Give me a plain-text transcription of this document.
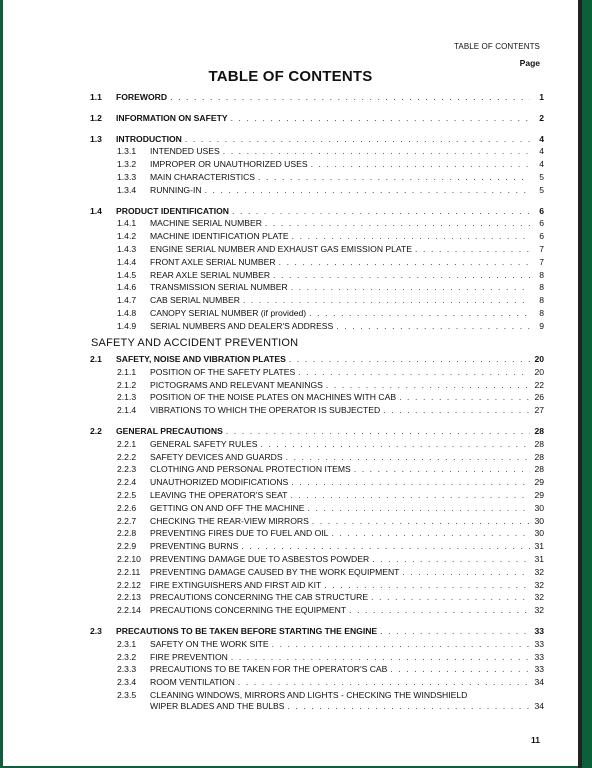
TABLE OF CONTENTS
Page
TABLE OF CONTENTS
1.1 FOREWORD . . .	1
1.2 INFORMATION ON SAFETY . . .	2
1.3 INTRODUCTION . . .	4
1.3.1 INTENDED USES . . .	4
1.3.2 IMPROPER OR UNAUTHORIZED USES . . .	4
1.3.3 MAIN CHARACTERISTICS . . .	5
1.3.4 RUNNING-IN . . .	5
1.4 PRODUCT IDENTIFICATION . . .	6
1.4.1 MACHINE SERIAL NUMBER . . .	6
1.4.2 MACHINE IDENTIFICATION PLATE . . .	6
1.4.3 ENGINE SERIAL NUMBER AND EXHAUST GAS EMISSION PLATE . . .	7
1.4.4 FRONT AXLE SERIAL NUMBER . . .	7
1.4.5 REAR AXLE SERIAL NUMBER . . .	8
1.4.6 TRANSMISSION SERIAL NUMBER . . .	8
1.4.7 CAB SERIAL NUMBER . . .	8
1.4.8 CANOPY SERIAL NUMBER (if provided) . . .	8
1.4.9 SERIAL NUMBERS AND DEALER'S ADDRESS . . .	9
SAFETY AND ACCIDENT PREVENTION
2.1 SAFETY, NOISE AND VIBRATION PLATES . . .	20
2.1.1 POSITION OF THE SAFETY PLATES . . .	20
2.1.2 PICTOGRAMS AND RELEVANT MEANINGS . . .	22
2.1.3 POSITION OF THE NOISE PLATES ON MACHINES WITH CAB . . .	26
2.1.4 VIBRATIONS TO WHICH THE OPERATOR IS SUBJECTED . . .	27
2.2 GENERAL PRECAUTIONS . . .	28
2.2.1 GENERAL SAFETY RULES . . .	28
2.2.2 SAFETY DEVICES AND GUARDS . . .	28
2.2.3 CLOTHING AND PERSONAL PROTECTION ITEMS . . .	28
2.2.4 UNAUTHORIZED MODIFICATIONS . . .	29
2.2.5 LEAVING THE OPERATOR'S SEAT . . .	29
2.2.6 GETTING ON AND OFF THE MACHINE . . .	30
2.2.7 CHECKING THE REAR-VIEW MIRRORS . . .	30
2.2.8 PREVENTING FIRES DUE TO FUEL AND OIL . . .	30
2.2.9 PREVENTING BURNS . . .	31
2.2.10 PREVENTING DAMAGE DUE TO ASBESTOS POWDER . . .	31
2.2.11 PREVENTING DAMAGE CAUSED BY THE WORK EQUIPMENT . . .	32
2.2.12 FIRE EXTINGUISHERS AND FIRST AID KIT . . .	32
2.2.13 PRECAUTIONS CONCERNING THE CAB STRUCTURE . . .	32
2.2.14 PRECAUTIONS CONCERNING THE EQUIPMENT . . .	32
2.3 PRECAUTIONS TO BE TAKEN BEFORE STARTING THE ENGINE . . .	33
2.3.1 SAFETY ON THE WORK SITE . . .	33
2.3.2 FIRE PREVENTION . . .	33
2.3.3 PRECAUTIONS TO BE TAKEN FOR THE OPERATOR'S CAB . . .	33
2.3.4 ROOM VENTILATION . . .	34
2.3.5 CLEANING WINDOWS, MIRRORS AND LIGHTS - CHECKING THE WINDSHIELD
WIPER BLADES AND THE BULBS . . .	34
11
